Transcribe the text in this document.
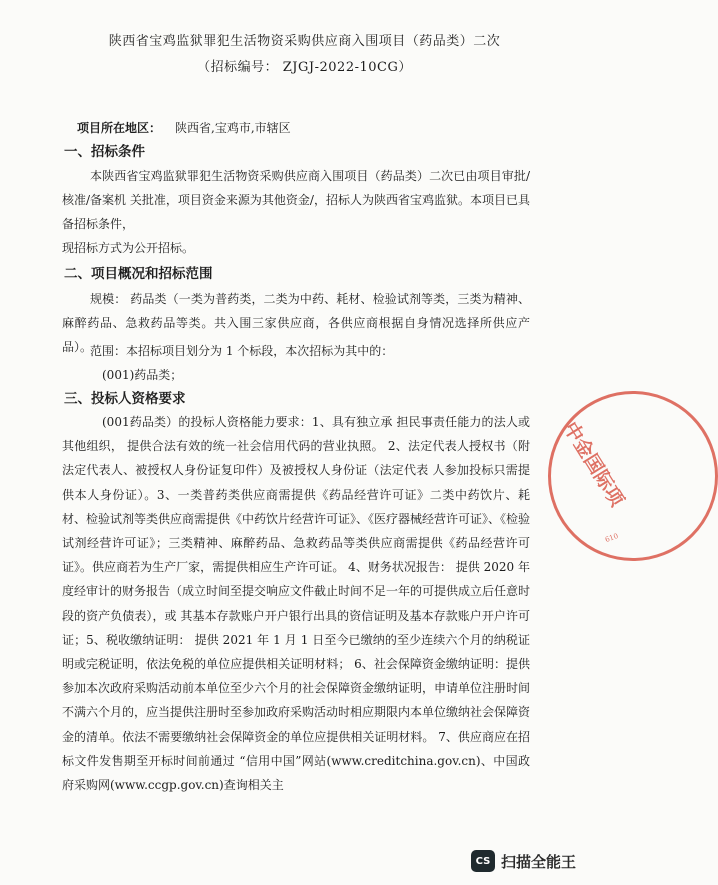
陕西省宝鸡监狱罪犯生活物资采购供应商入围项目（药品类）二次
（招标编号： ZJGJ-2022-10CG）
项目所在地区： 陕西省,宝鸡市,市辖区
一、招标条件
本陕西省宝鸡监狱罪犯生活物资采购供应商入围项目（药品类）二次已由项目审批/核准/备案机 关批准，项目资金来源为其他资金/，招标人为陕西省宝鸡监狱。本项目已具备招标条件，
现招标方式为公开招标。
二、项目概况和招标范围
规模： 药品类（一类为普药类，二类为中药、耗材、检验试剂等类，三类为精神、麻醉药品、急救药品等类。共入围三家供应商，各供应商根据自身情况选择所供应产品）。
范围：本招标项目划分为 1 个标段，本次招标为其中的：
(001)药品类；
三、投标人资格要求
(001药品类）的投标人资格能力要求：1、具有独立承 担民事责任能力的法人或其他组织， 提供合法有效的统一社会信用代码的营业执照。 2、法定代表人授权书（附法定代表人、被授权人身份证复印件）及被授权人身份证（法定代表 人参加投标只需提供本人身份证）。3、一类普药类供应商需提供《药品经营许可证》二类中药饮片、耗材、检验试剂等类供应商需提供《中药饮片经营许可证》、《医疗器械经营许可证》、《检验试剂经营许可证》；三类精神、麻醉药品、急救药品等类供应商需提供《药品经营许可证》。供应商若为生产厂家，需提供相应生产许可证。 4、财务状况报告： 提供 2020 年度经审计的财务报告（成立时间至提交响应文件截止时间不足一年的可提供成立后任意时段的资产负债表），或 其基本存款账户开户银行出具的资信证明及基本存款账户开户许可证；5、税收缴纳证明： 提供 2021 年 1 月 1 日至今已缴纳的至少连续六个月的纳税证明或完税证明，依法免税的单位应提供相关证明材料； 6、社会保障资金缴纳证明：提供参加本次政府采购活动前本单位至少六个月的社会保障资金缴纳证明，申请单位注册时间不满六个月的，应当提供注册时至参加政府采购活动时相应期限内本单位缴纳社会保障资金的清单。依法不需要缴纳社会保障资金的单位应提供相关证明材料。 7、供应商应在招标文件发售期至开标时间前通过 “信用中国”网站(www.creditchina.gov.cn)、中国政府采购网(www.ccgp.gov.cn)查询相关主
中金国际项
610
CS 扫描全能王
